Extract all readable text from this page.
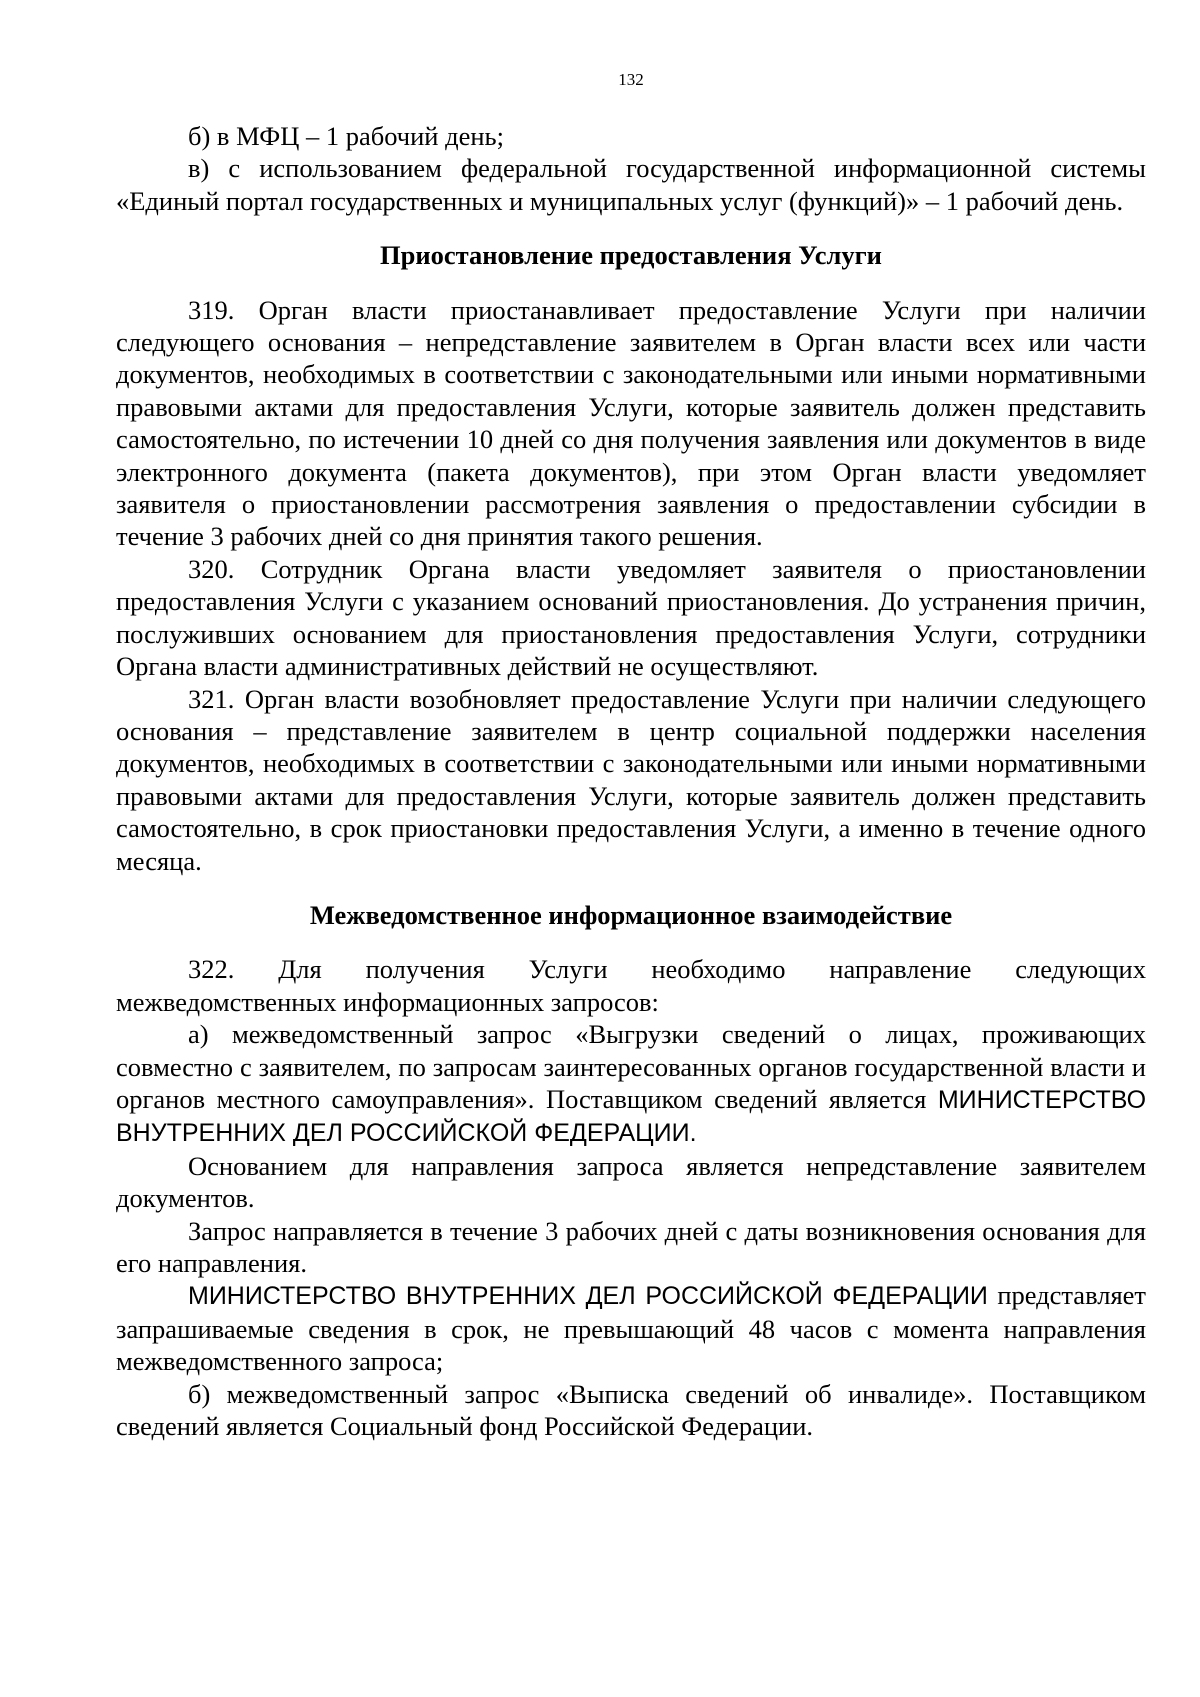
132

б) в МФЦ – 1 рабочий день;

в) с использованием федеральной государственной информационной системы «Единый портал государственных и муниципальных услуг (функций)» – 1 рабочий день.

Приостановление предоставления Услуги

319. Орган власти приостанавливает предоставление Услуги при наличии следующего основания – непредставление заявителем в Орган власти всех или части документов, необходимых в соответствии с законодательными или иными нормативными правовыми актами для предоставления Услуги, которые заявитель должен представить самостоятельно, по истечении 10 дней со дня получения заявления или документов в виде электронного документа (пакета документов), при этом Орган власти уведомляет заявителя о приостановлении рассмотрения заявления о предоставлении субсидии в течение 3 рабочих дней со дня принятия такого решения.

320. Сотрудник Органа власти уведомляет заявителя о приостановлении предоставления Услуги с указанием оснований приостановления. До устранения причин, послуживших основанием для приостановления предоставления Услуги, сотрудники Органа власти административных действий не осуществляют.

321. Орган власти возобновляет предоставление Услуги при наличии следующего основания – представление заявителем в центр социальной поддержки населения документов, необходимых в соответствии с законодательными или иными нормативными правовыми актами для предоставления Услуги, которые заявитель должен представить самостоятельно, в срок приостановки предоставления Услуги, а именно в течение одного месяца.

Межведомственное информационное взаимодействие

322. Для получения Услуги необходимо направление следующих межведомственных информационных запросов:

а) межведомственный запрос «Выгрузки сведений о лицах, проживающих совместно с заявителем, по запросам заинтересованных органов государственной власти и органов местного самоуправления». Поставщиком сведений является МИНИСТЕРСТВО ВНУТРЕННИХ ДЕЛ РОССИЙСКОЙ ФЕДЕРАЦИИ.

Основанием для направления запроса является непредставление заявителем документов.

Запрос направляется в течение 3 рабочих дней с даты возникновения основания для его направления.

МИНИСТЕРСТВО ВНУТРЕННИХ ДЕЛ РОССИЙСКОЙ ФЕДЕРАЦИИ представляет запрашиваемые сведения в срок, не превышающий 48 часов с момента направления межведомственного запроса;

б) межведомственный запрос «Выписка сведений об инвалиде». Поставщиком сведений является Социальный фонд Российской Федерации.
